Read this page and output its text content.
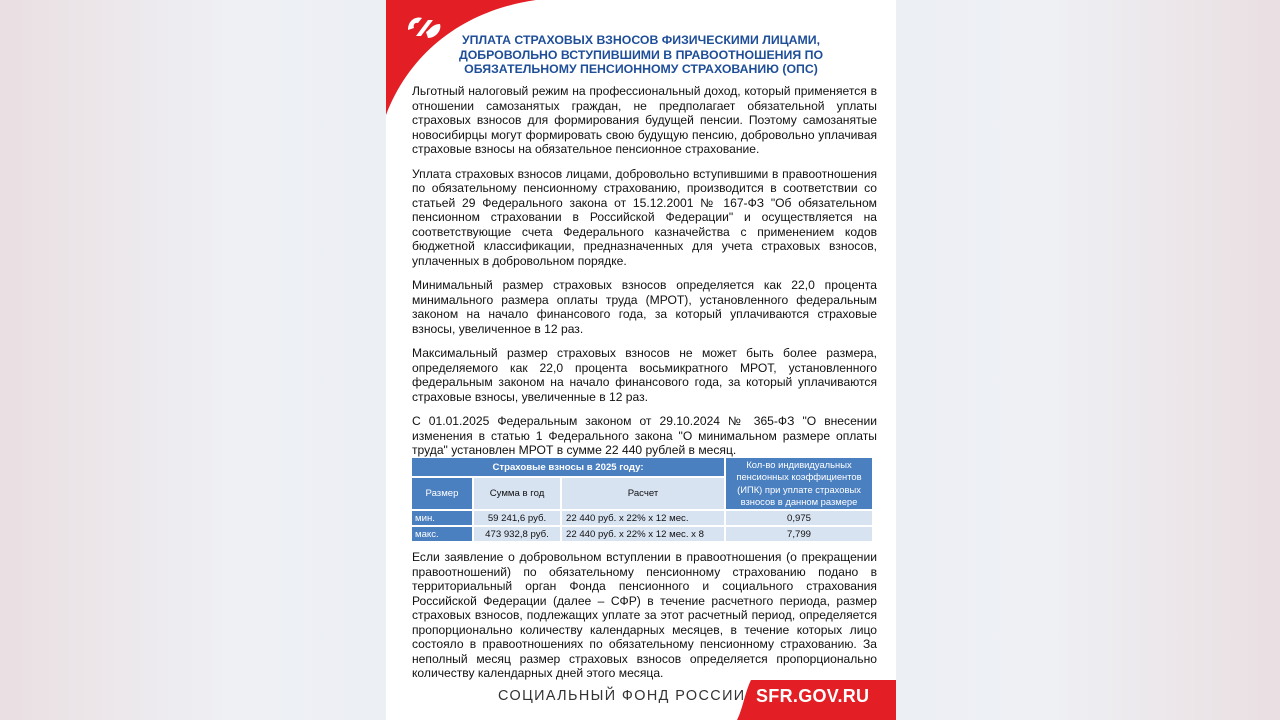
УПЛАТА СТРАХОВЫХ ВЗНОСОВ ФИЗИЧЕСКИМИ ЛИЦАМИ, ДОБРОВОЛЬНО ВСТУПИВШИМИ В ПРАВООТНОШЕНИЯ ПО ОБЯЗАТЕЛЬНОМУ ПЕНСИОННОМУ СТРАХОВАНИЮ (ОПС)

Льготный налоговый режим на профессиональный доход, который применяется в отношении самозанятых граждан, не предполагает обязательной уплаты страховых взносов для формирования будущей пенсии. Поэтому самозанятые новосибирцы могут формировать свою будущую пенсию, добровольно уплачивая страховые взносы на обязательное пенсионное страхование.

Уплата страховых взносов лицами, добровольно вступившими в правоотношения по обязательному пенсионному страхованию, производится в соответствии со статьей 29 Федерального закона от 15.12.2001 № 167-ФЗ "Об обязательном пенсионном страховании в Российской Федерации" и осуществляется на соответствующие счета Федерального казначейства с применением кодов бюджетной классификации, предназначенных для учета страховых взносов, уплаченных в добровольном порядке.

Минимальный размер страховых взносов определяется как 22,0 процента минимального размера оплаты труда (МРОТ), установленного федеральным законом на начало финансового года, за который уплачиваются страховые взносы, увеличенное в 12 раз.

Максимальный размер страховых взносов не может быть более размера, определяемого как 22,0 процента восьмикратного МРОТ, установленного федеральным законом на начало финансового года, за который уплачиваются страховые взносы, увеличенные в 12 раз.

С 01.01.2025 Федеральным законом от 29.10.2024 № 365-ФЗ "О внесении изменения в статью 1 Федерального закона "О минимальном размере оплаты труда" установлен МРОТ в сумме 22 440 рублей в месяц.

Страховые взносы в 2025 году:			Кол-во индивидуальных пенсионных коэффициентов (ИПК) при уплате страховых взносов в данном размере
Размер	Сумма в год	Расчет	
мин.	59 241,6 руб.	22 440 руб. х 22% х 12 мес.	0,975
макс.	473 932,8 руб.	22 440 руб. х 22% х 12 мес. х 8	7,799

Если заявление о добровольном вступлении в правоотношения (о прекращении правоотношений) по обязательному пенсионному страхованию подано в территориальный орган Фонда пенсионного и социального страхования Российской Федерации (далее – СФР) в течение расчетного периода, размер страховых взносов, подлежащих уплате за этот расчетный период, определяется пропорционально количеству календарных месяцев, в течение которых лицо состояло в правоотношениях по обязательному пенсионному страхованию. За неполный месяц размер страховых взносов определяется пропорционально количеству календарных дней этого месяца.

СОЦИАЛЬНЫЙ ФОНД РОССИИ SFR.GOV.RU
